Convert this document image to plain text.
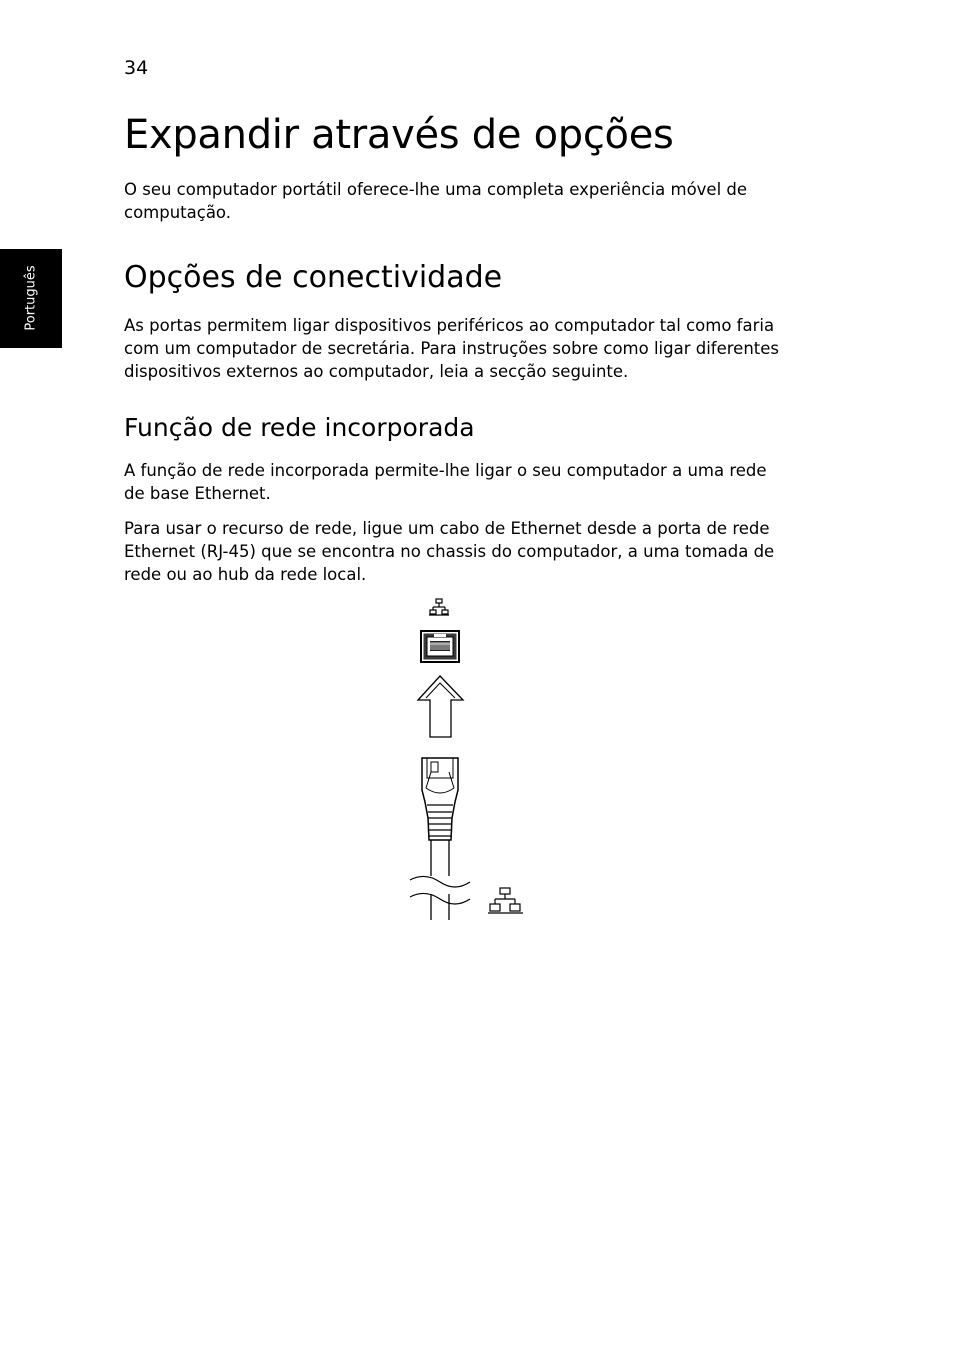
34
Português
Expandir através de opções

O seu computador portátil oferece-lhe uma completa experiência móvel de
computação.

Opções de conectividade

As portas permitem ligar dispositivos periféricos ao computador tal como faria
com um computador de secretária. Para instruções sobre como ligar diferentes
dispositivos externos ao computador, leia a secção seguinte.

Função de rede incorporada

A função de rede incorporada permite-lhe ligar o seu computador a uma rede
de base Ethernet.

Para usar o recurso de rede, ligue um cabo de Ethernet desde a porta de rede
Ethernet (RJ-45) que se encontra no chassis do computador, a uma tomada de
rede ou ao hub da rede local.
